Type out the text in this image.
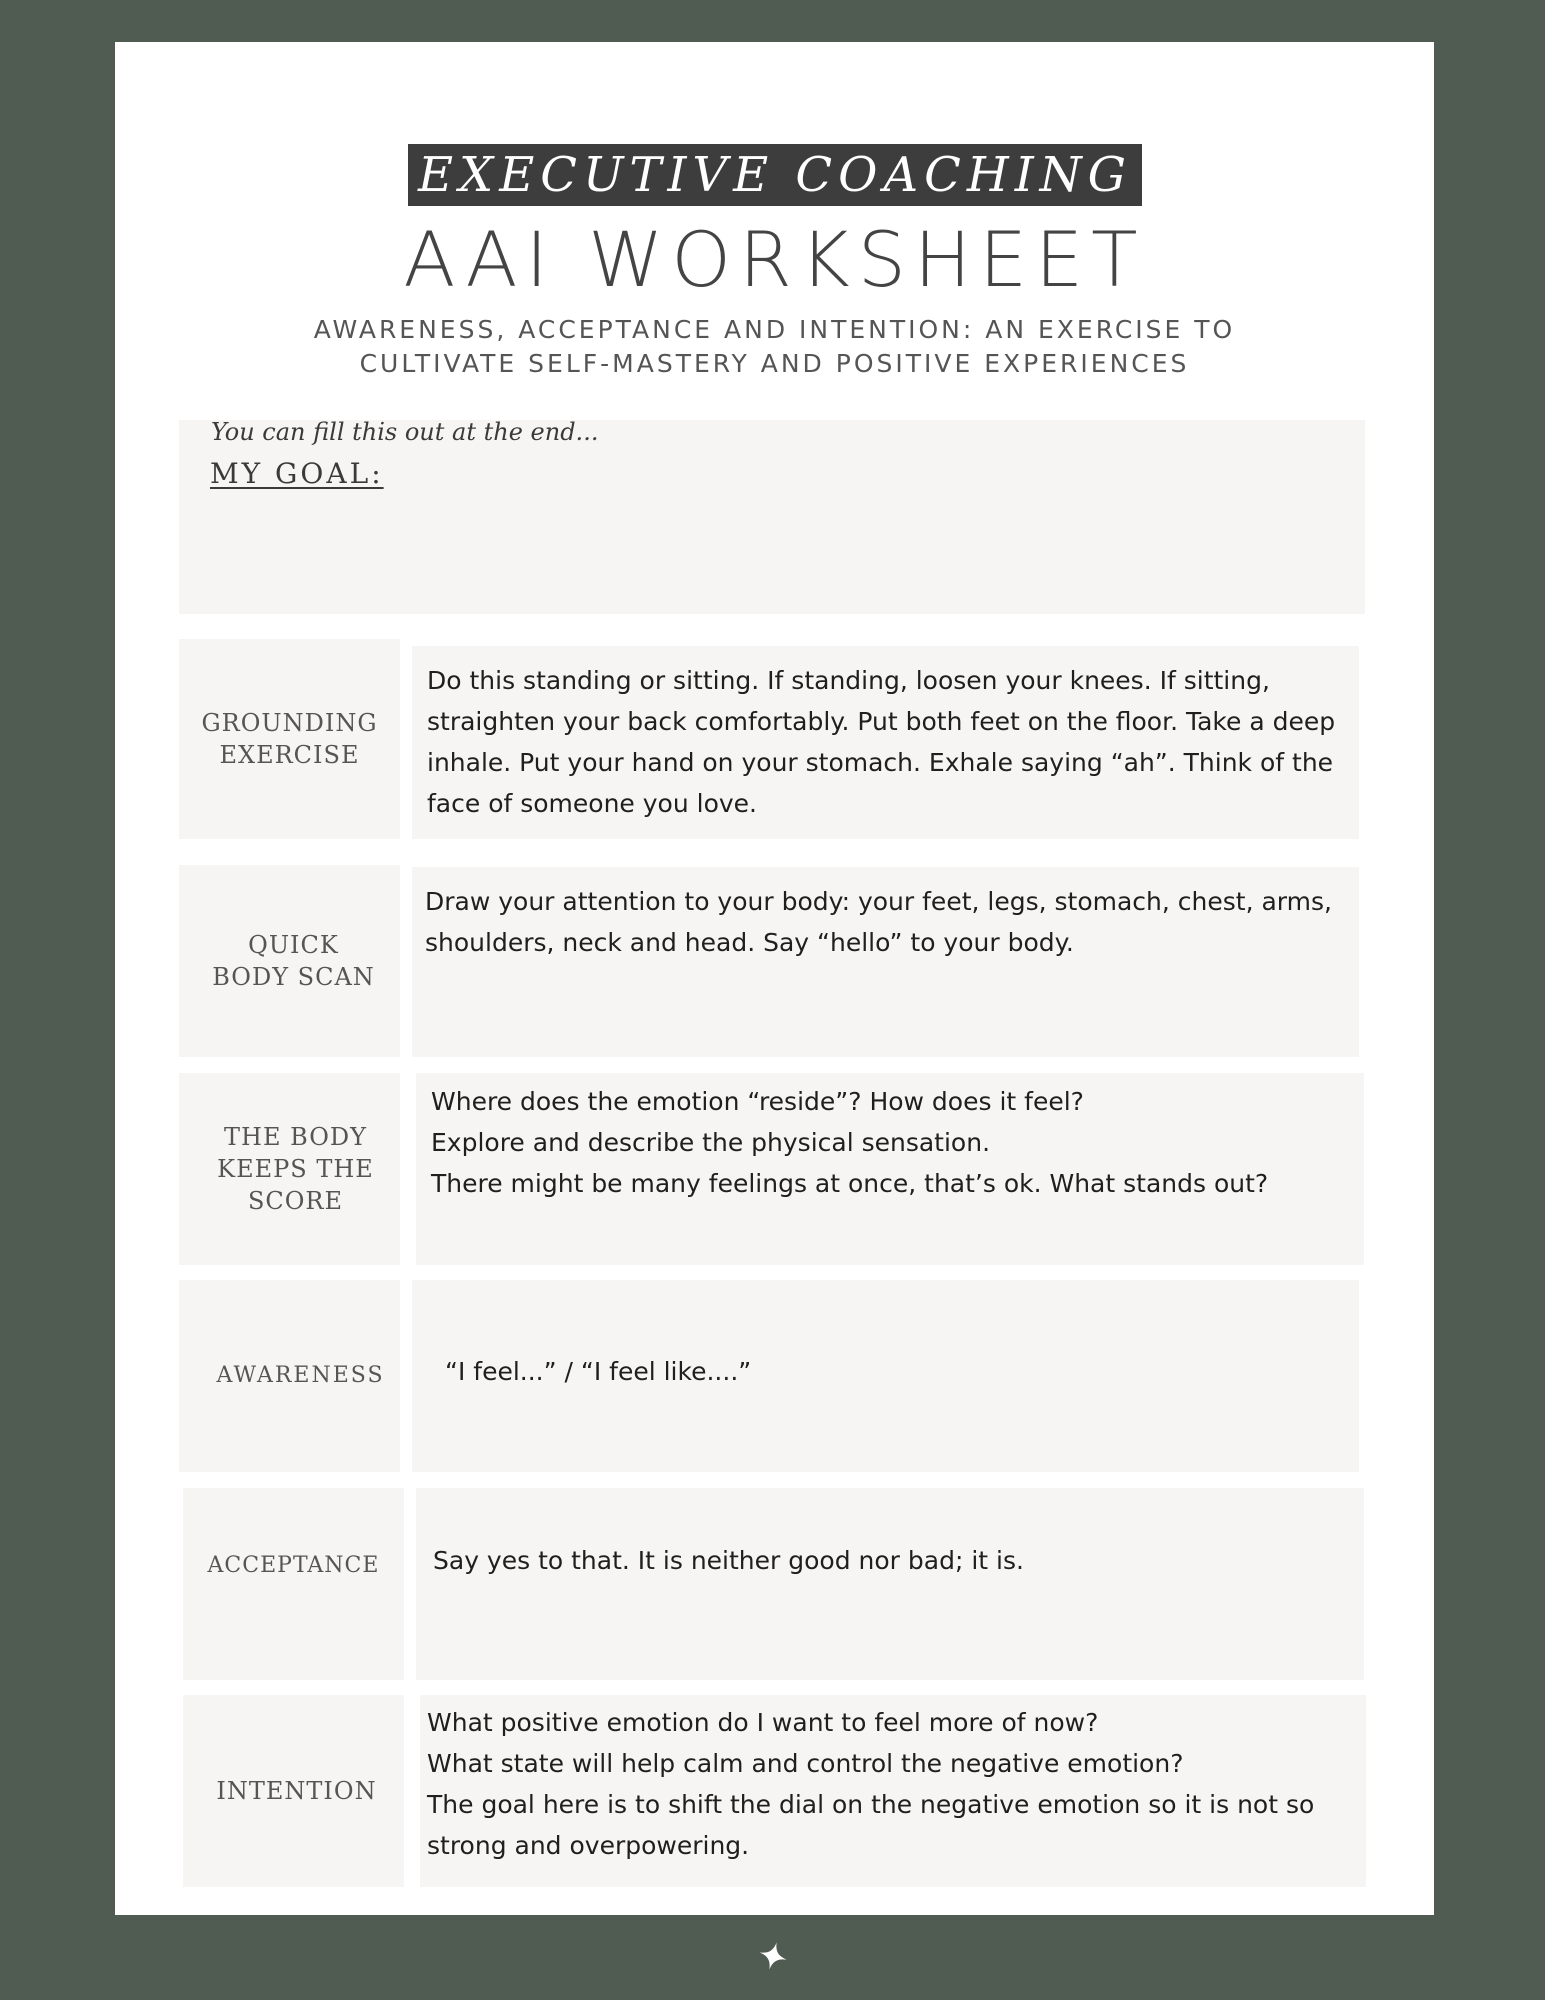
EXECUTIVE COACHING
AAI WORKSHEET
AWARENESS, ACCEPTANCE AND INTENTION: AN EXERCISE TO
CULTIVATE SELF-MASTERY AND POSITIVE EXPERIENCES
You can fill this out at the end...
MY GOAL:
GROUNDING
EXERCISE
Do this standing or sitting. If standing, loosen your knees. If sitting, straighten your back comfortably. Put both feet on the floor. Take a deep inhale. Put your hand on your stomach. Exhale saying “ah”. Think of the face of someone you love.
QUICK
BODY SCAN
Draw your attention to your body: your feet, legs, stomach, chest, arms, shoulders, neck and head. Say “hello” to your body.
THE BODY
KEEPS THE
SCORE
Where does the emotion “reside”? How does it feel?
Explore and describe the physical sensation.
There might be many feelings at once, that’s ok. What stands out?
AWARENESS “I feel...” / “I feel like....”
ACCEPTANCE Say yes to that. It is neither good nor bad; it is.
INTENTION
What positive emotion do I want to feel more of now?
What state will help calm and control the negative emotion?
The goal here is to shift the dial on the negative emotion so it is not so strong and overpowering.
